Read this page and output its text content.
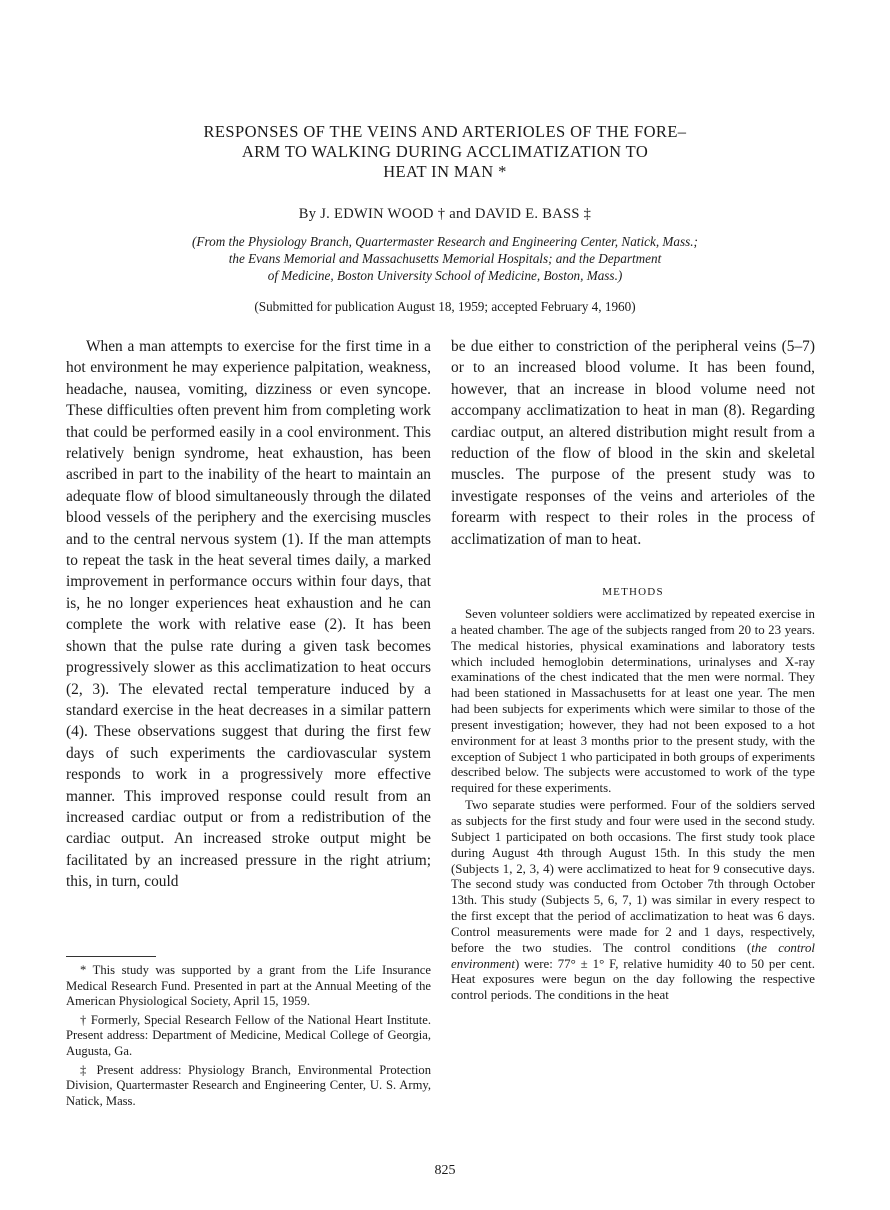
RESPONSES OF THE VEINS AND ARTERIOLES OF THE FORE–
ARM TO WALKING DURING ACCLIMATIZATION TO
HEAT IN MAN *
By J. EDWIN WOOD † and DAVID E. BASS ‡
(From the Physiology Branch, Quartermaster Research and Engineering Center, Natick, Mass.;
the Evans Memorial and Massachusetts Memorial Hospitals; and the Department
of Medicine, Boston University School of Medicine, Boston, Mass.)
(Submitted for publication August 18, 1959; accepted February 4, 1960)

When a man attempts to exercise for the first time in a hot environment he may experience palpitation, weakness, headache, nausea, vomiting, dizziness or even syncope. These difficulties often prevent him from completing work that could be performed easily in a cool environment. This relatively benign syndrome, heat exhaustion, has been ascribed in part to the inability of the heart to maintain an adequate flow of blood simultaneously through the dilated blood vessels of the periphery and the exercising muscles and to the central nervous system (1). If the man attempts to repeat the task in the heat several times daily, a marked improvement in performance occurs within four days, that is, he no longer experiences heat exhaustion and he can complete the work with relative ease (2). It has been shown that the pulse rate during a given task becomes progressively slower as this acclimatization to heat occurs (2, 3). The elevated rectal temperature induced by a standard exercise in the heat decreases in a similar pattern (4). These observations suggest that during the first few days of such experiments the cardiovascular system responds to work in a progressively more effective manner. This improved response could result from an increased cardiac output or from a redistribution of the cardiac output. An increased stroke output might be facilitated by an increased pressure in the right atrium; this, in turn, could

* This study was supported by a grant from the Life Insurance Medical Research Fund. Presented in part at the Annual Meeting of the American Physiological Society, April 15, 1959.

† Formerly, Special Research Fellow of the National Heart Institute. Present address: Department of Medicine, Medical College of Georgia, Augusta, Ga.

‡ Present address: Physiology Branch, Environmental Protection Division, Quartermaster Research and Engineering Center, U. S. Army, Natick, Mass.

be due either to constriction of the peripheral veins (5–7) or to an increased blood volume. It has been found, however, that an increase in blood volume need not accompany acclimatization to heat in man (8). Regarding cardiac output, an altered distribution might result from a reduction of the flow of blood in the skin and skeletal muscles. The purpose of the present study was to investigate responses of the veins and arterioles of the forearm with respect to their roles in the process of acclimatization of man to heat.

METHODS

Seven volunteer soldiers were acclimatized by repeated exercise in a heated chamber. The age of the subjects ranged from 20 to 23 years. The medical histories, physical examinations and laboratory tests which included hemoglobin determinations, urinalyses and X-ray examinations of the chest indicated that the men were normal. They had been stationed in Massachusetts for at least one year. The men had been subjects for experiments which were similar to those of the present investigation; however, they had not been exposed to a hot environment for at least 3 months prior to the present study, with the exception of Subject 1 who participated in both groups of experiments described below. The subjects were accustomed to work of the type required for these experiments.

Two separate studies were performed. Four of the soldiers served as subjects for the first study and four were used in the second study. Subject 1 participated on both occasions. The first study took place during August 4th through August 15th. In this study the men (Subjects 1, 2, 3, 4) were acclimatized to heat for 9 consecutive days. The second study was conducted from October 7th through October 13th. This study (Subjects 5, 6, 7, 1) was similar in every respect to the first except that the period of acclimatization to heat was 6 days. Control measurements were made for 2 and 1 days, respectively, before the two studies. The control conditions (the control environment) were: 77° ± 1° F, relative humidity 40 to 50 per cent. Heat exposures were begun on the day following the respective control periods. The conditions in the heat

825
